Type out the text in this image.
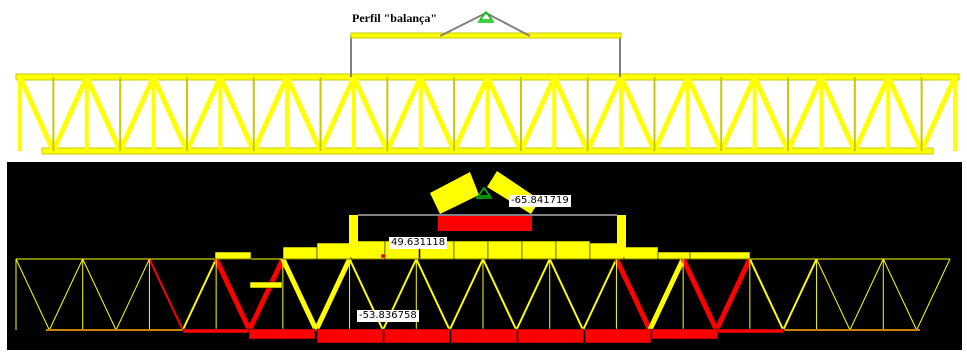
Perfil "balança"
-65.841719
49.631118
-53.836758
